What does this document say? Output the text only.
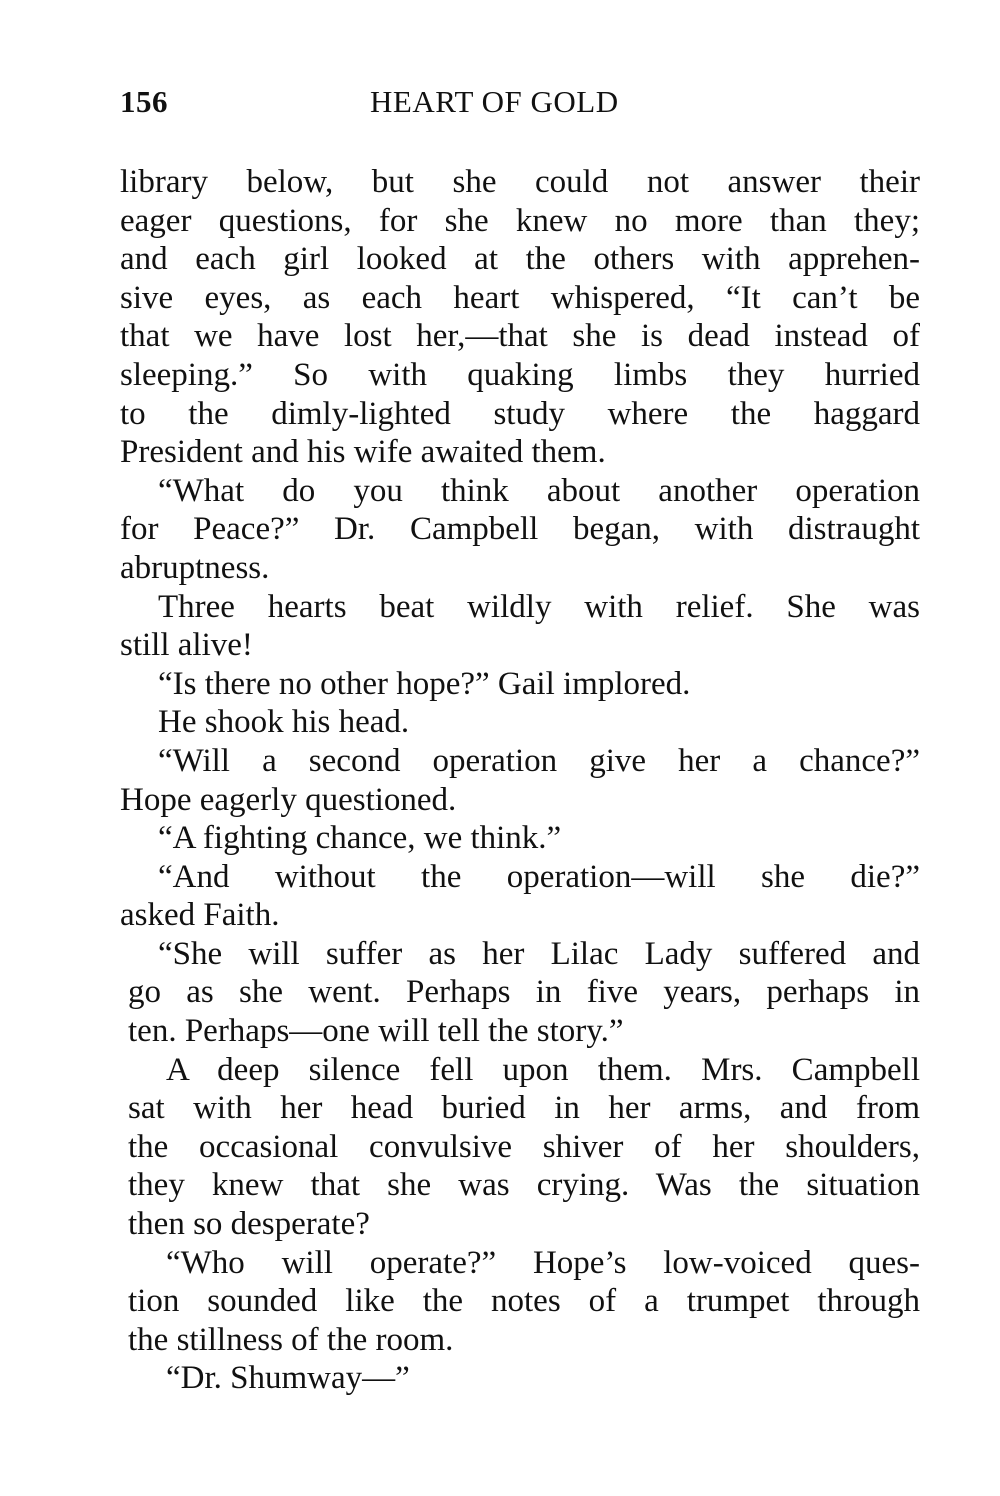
156	HEART OF GOLD
library below, but she could not answer their
eager questions, for she knew no more than they;
and each girl looked at the others with apprehen-
sive eyes, as each heart whispered, “It can’t be
that we have lost her,—that she is dead instead of
sleeping.” So with quaking limbs they hurried
to the dimly-lighted study where the haggard
President and his wife awaited them.
“What do you think about another operation
for Peace?” Dr. Campbell began, with distraught
abruptness.
Three hearts beat wildly with relief. She was
still alive!
“Is there no other hope?” Gail implored.
He shook his head.
“Will a second operation give her a chance?”
Hope eagerly questioned.
“A fighting chance, we think.”
“And without the operation—will she die?”
asked Faith.
“She will suffer as her Lilac Lady suffered and
go as she went. Perhaps in five years, perhaps in
ten. Perhaps—one will tell the story.”
A deep silence fell upon them. Mrs. Campbell
sat with her head buried in her arms, and from
the occasional convulsive shiver of her shoulders,
they knew that she was crying. Was the situation
then so desperate?
“Who will operate?” Hope’s low-voiced ques-
tion sounded like the notes of a trumpet through
the stillness of the room.
“Dr. Shumway—”
